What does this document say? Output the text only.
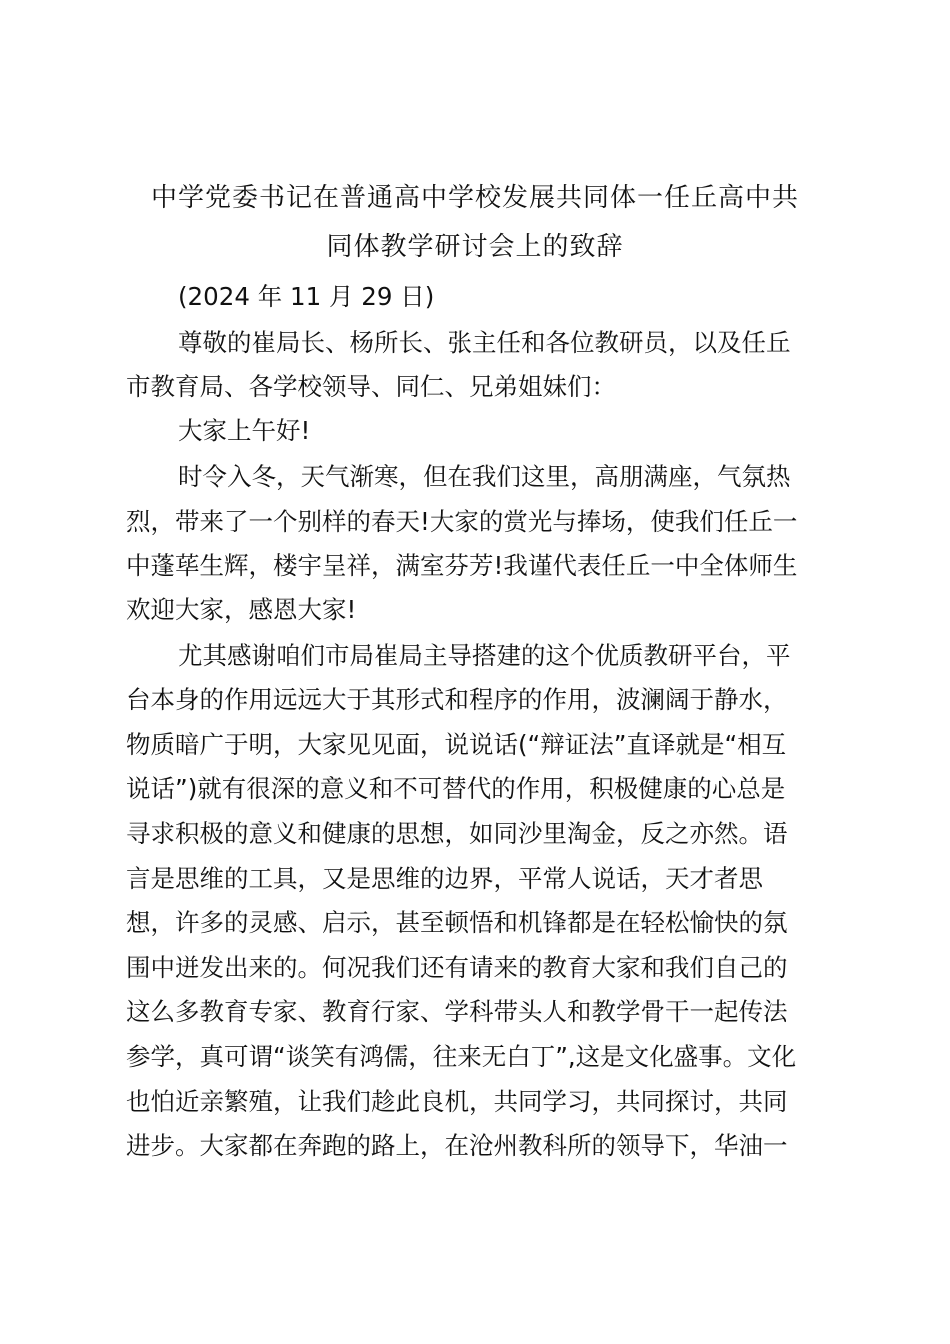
中学党委书记在普通高中学校发展共同体一任丘高中共
同体教学研讨会上的致辞

(2024 年 11 月 29 日)

尊敬的崔局长、杨所长、张主任和各位教研员，以及任丘

市教育局、各学校领导、同仁、兄弟姐妹们：

大家上午好!

时令入冬，天气渐寒，但在我们这里，高朋满座，气氛热

烈，带来了一个别样的春天!大家的赏光与捧场，使我们任丘一

中蓬荜生辉，楼宇呈祥，满室芬芳!我谨代表任丘一中全体师生

欢迎大家，感恩大家!

尤其感谢咱们市局崔局主导搭建的这个优质教研平台，平

台本身的作用远远大于其形式和程序的作用，波澜阔于静水，

物质暗广于明，大家见见面，说说话(“辩证法”直译就是“相互

说话”)就有很深的意义和不可替代的作用，积极健康的心总是

寻求积极的意义和健康的思想，如同沙里淘金，反之亦然。语

言是思维的工具，又是思维的边界，平常人说话，天才者思

想，许多的灵感、启示，甚至顿悟和机锋都是在轻松愉快的氛

围中迸发出来的。何况我们还有请来的教育大家和我们自己的

这么多教育专家、教育行家、学科带头人和教学骨干一起传法

参学，真可谓“谈笑有鸿儒，往来无白丁”,这是文化盛事。文化

也怕近亲繁殖，让我们趁此良机，共同学习，共同探讨，共同

进步。大家都在奔跑的路上，在沧州教科所的领导下，华油一
